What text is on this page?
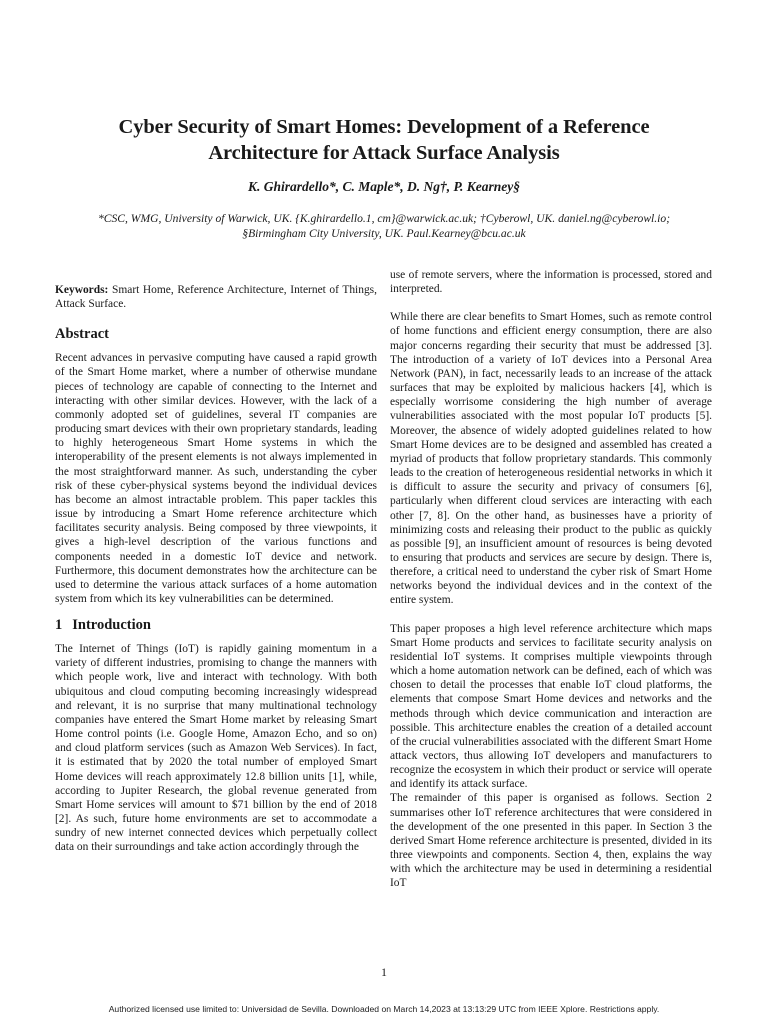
Cyber Security of Smart Homes: Development of a Reference
Architecture for Attack Surface Analysis
K. Ghirardello*, C. Maple*, D. Ng†, P. Kearney§
*CSC, WMG, University of Warwick, UK. {K.ghirardello.1, cm}@warwick.ac.uk; †Cyberowl, UK. daniel.ng@cyberowl.io;
§Birmingham City University, UK. Paul.Kearney@bcu.ac.uk

Keywords: Smart Home, Reference Architecture, Internet of Things, Attack Surface.

Abstract

Recent advances in pervasive computing have caused a rapid growth of the Smart Home market, where a number of otherwise mundane pieces of technology are capable of connecting to the Internet and interacting with other similar devices. However, with the lack of a commonly adopted set of guidelines, several IT companies are producing smart devices with their own proprietary standards, leading to highly heterogeneous Smart Home systems in which the interoperability of the present elements is not always implemented in the most straightforward manner. As such, understanding the cyber risk of these cyber-physical systems beyond the individual devices has become an almost intractable problem. This paper tackles this issue by introducing a Smart Home reference architecture which facilitates security analysis. Being composed by three viewpoints, it gives a high-level description of the various functions and components needed in a domestic IoT device and network. Furthermore, this document demonstrates how the architecture can be used to determine the various attack surfaces of a home automation system from which its key vulnerabilities can be determined.

1 Introduction

The Internet of Things (IoT) is rapidly gaining momentum in a variety of different industries, promising to change the manners with which people work, live and interact with technology. With both ubiquitous and cloud computing becoming increasingly widespread and relevant, it is no surprise that many multinational technology companies have entered the Smart Home market by releasing Smart Home control points (i.e. Google Home, Amazon Echo, and so on) and cloud platform services (such as Amazon Web Services). In fact, it is estimated that by 2020 the total number of employed Smart Home devices will reach approximately 12.8 billion units [1], while, according to Jupiter Research, the global revenue generated from Smart Home services will amount to $71 billion by the end of 2018 [2]. As such, future home environments are set to accommodate a sundry of new internet connected devices which perpetually collect data on their surroundings and take action accordingly through the

use of remote servers, where the information is processed, stored and interpreted.

While there are clear benefits to Smart Homes, such as remote control of home functions and efficient energy consumption, there are also major concerns regarding their security that must be addressed [3]. The introduction of a variety of IoT devices into a Personal Area Network (PAN), in fact, necessarily leads to an increase of the attack surfaces that may be exploited by malicious hackers [4], which is especially worrisome considering the high number of average vulnerabilities associated with the most popular IoT products [5]. Moreover, the absence of widely adopted guidelines related to how Smart Home devices are to be designed and assembled has created a myriad of products that follow proprietary standards. This commonly leads to the creation of heterogeneous residential networks in which it is difficult to assure the security and privacy of consumers [6], particularly when different cloud services are interacting with each other [7, 8]. On the other hand, as businesses have a priority of minimizing costs and releasing their product to the public as quickly as possible [9], an insufficient amount of resources is being devoted to ensuring that products and services are secure by design. There is, therefore, a critical need to understand the cyber risk of Smart Home networks beyond the individual devices and in the context of the entire system.

This paper proposes a high level reference architecture which maps Smart Home products and services to facilitate security analysis on residential IoT systems. It comprises multiple viewpoints through which a home automation network can be defined, each of which was chosen to detail the processes that enable IoT cloud platforms, the elements that compose Smart Home devices and networks and the methods through which device communication and interaction are possible. This architecture enables the creation of a detailed account of the crucial vulnerabilities associated with the different Smart Home attack vectors, thus allowing IoT developers and manufacturers to recognize the ecosystem in which their product or service will operate and identify its attack surface.

The remainder of this paper is organised as follows. Section 2 summarises other IoT reference architectures that were considered in the development of the one presented in this paper. In Section 3 the derived Smart Home reference architecture is presented, divided in its three viewpoints and components. Section 4, then, explains the way with which the architecture may be used in determining a residential IoT

1
Authorized licensed use limited to: Universidad de Sevilla. Downloaded on March 14,2023 at 13:13:29 UTC from IEEE Xplore. Restrictions apply.
